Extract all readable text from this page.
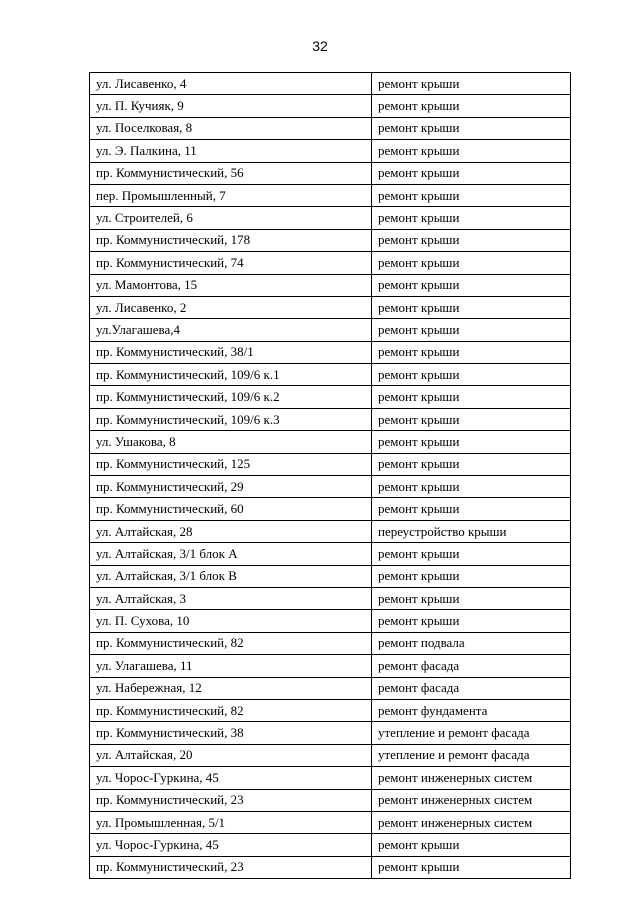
32
ул. Лисавенко, 4	ремонт крыши
ул. П. Кучияк, 9	ремонт крыши
ул. Поселковая, 8	ремонт крыши
ул. Э. Палкина, 11	ремонт крыши
пр. Коммунистический, 56	ремонт крыши
пер. Промышленный, 7	ремонт крыши
ул. Строителей, 6	ремонт крыши
пр. Коммунистический, 178	ремонт крыши
пр. Коммунистический, 74	ремонт крыши
ул. Мамонтова, 15	ремонт крыши
ул. Лисавенко, 2	ремонт крыши
ул.Улагашева,4	ремонт крыши
пр. Коммунистический, 38/1	ремонт крыши
пр. Коммунистический, 109/6 к.1	ремонт крыши
пр. Коммунистический, 109/6 к.2	ремонт крыши
пр. Коммунистический, 109/6 к.3	ремонт крыши
ул. Ушакова, 8	ремонт крыши
пр. Коммунистический, 125	ремонт крыши
пр. Коммунистический, 29	ремонт крыши
пр. Коммунистический, 60	ремонт крыши
ул. Алтайская, 28	переустройство крыши
ул. Алтайская, 3/1 блок А	ремонт крыши
ул. Алтайская, 3/1 блок В	ремонт крыши
ул. Алтайская, 3	ремонт крыши
ул. П. Сухова, 10	ремонт крыши
пр. Коммунистический, 82	ремонт подвала
ул. Улагашева, 11	ремонт фасада
ул. Набережная, 12	ремонт фасада
пр. Коммунистический, 82	ремонт фундамента
пр. Коммунистический, 38	утепление и ремонт фасада
ул. Алтайская, 20	утепление и ремонт фасада
ул. Чорос-Гуркина, 45	ремонт инженерных систем
пр. Коммунистический, 23	ремонт инженерных систем
ул. Промышленная, 5/1	ремонт инженерных систем
ул. Чорос-Гуркина, 45	ремонт крыши
пр. Коммунистический, 23	ремонт крыши
